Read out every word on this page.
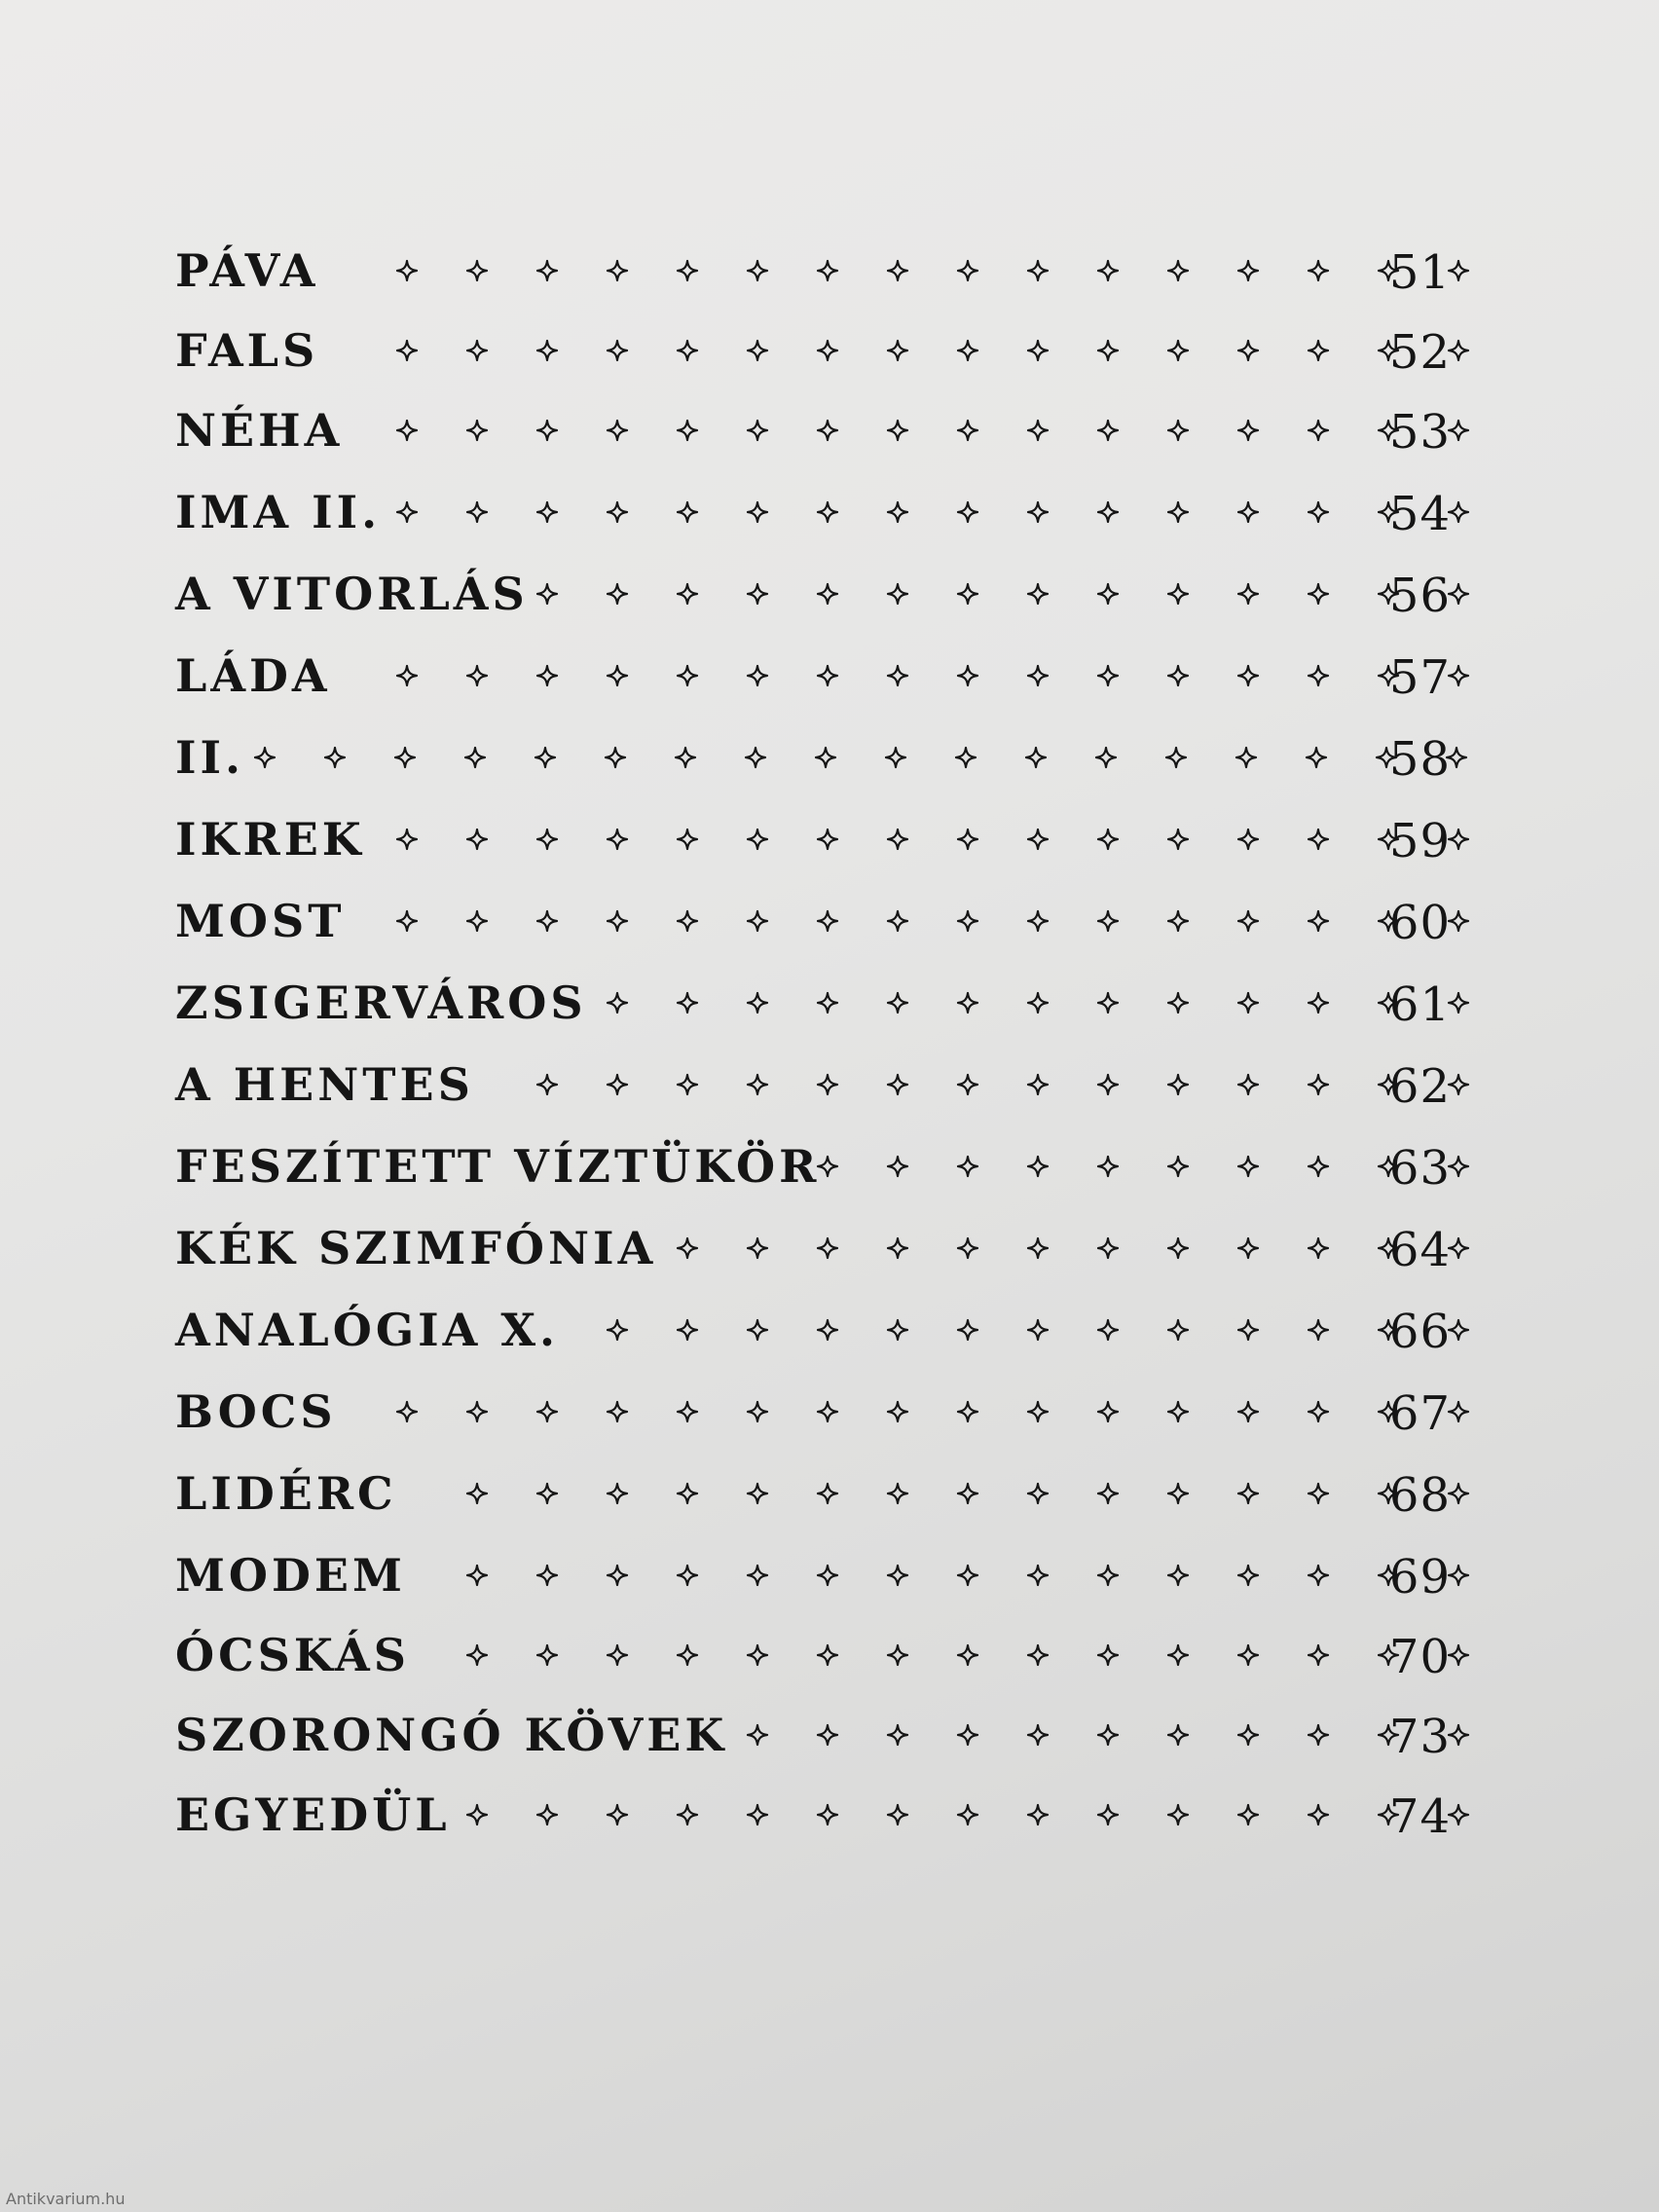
PÁVA	51
FALS	52
NÉHA	53
IMA II.	54
A VITORLÁS	56
LÁDA	57
II.	58
IKREK	59
MOST	60
ZSIGERVÁROS	61
A HENTES	62
FESZÍTETT VÍZTÜKÖR	63
KÉK SZIMFÓNIA	64
ANALÓGIA X.	66
BOCS	67
LIDÉRC	68
MODEM	69
ÓCSKÁS	70
SZORONGÓ KÖVEK	73
EGYEDÜL	74
Antikvarium.hu
